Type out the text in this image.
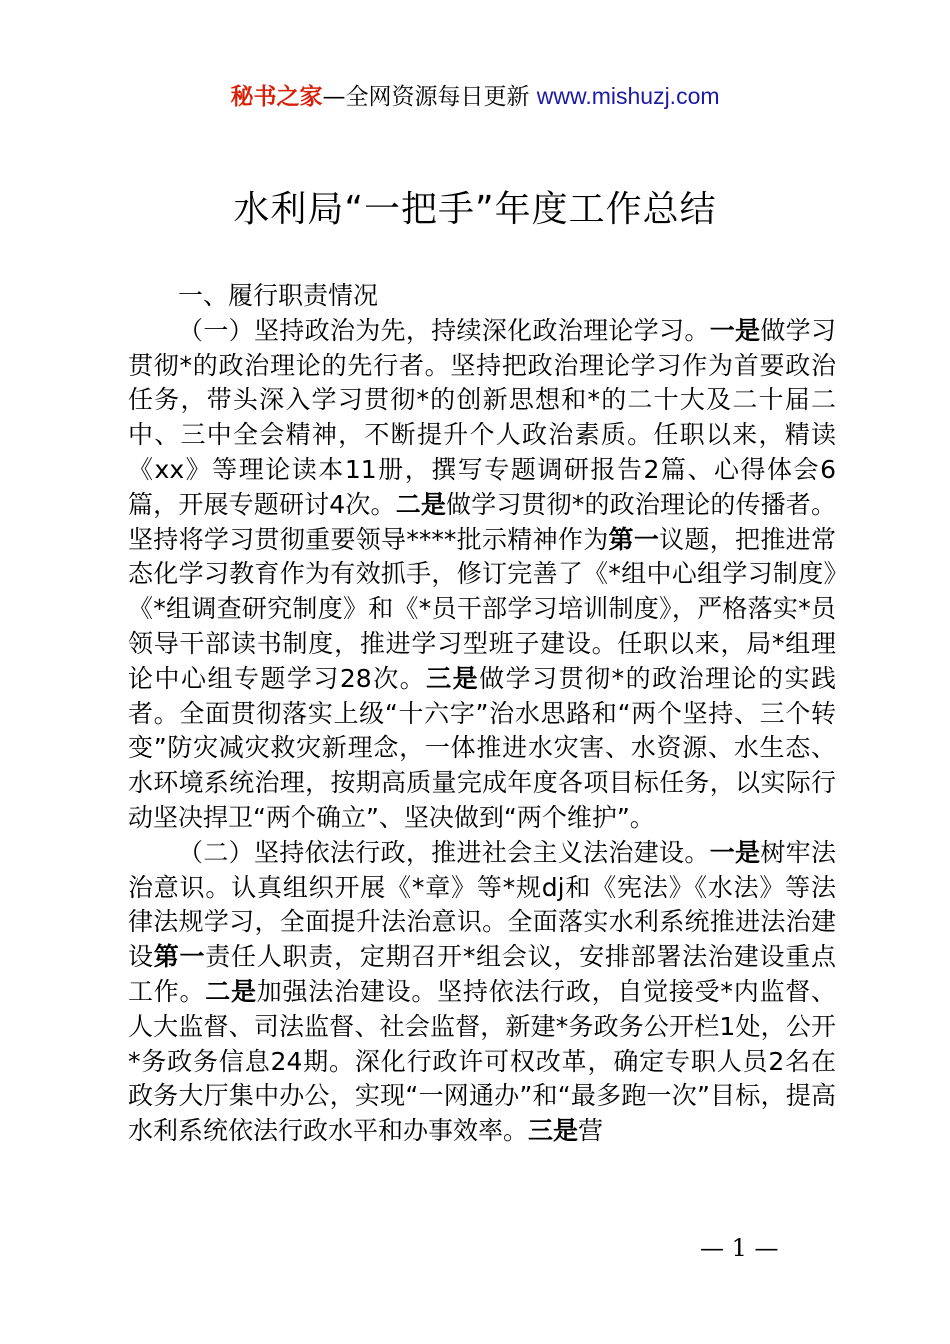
秘书之家—全网资源每日更新 www.mishuzj.com
水利局“一把手”年度工作总结

一、履行职责情况

（一）坚持政治为先，持续深化政治理论学习。一是做学习贯彻*的政治理论的先行者。坚持把政治理论学习作为首要政治任务，带头深入学习贯彻*的创新思想和*的二十大及二十届二中、三中全会精神，不断提升个人政治素质。任职以来，精读《xx》等理论读本11册，撰写专题调研报告2篇、心得体会6篇，开展专题研讨4次。二是做学习贯彻*的政治理论的传播者。坚持将学习贯彻重要领导****批示精神作为第一议题，把推进常态化学习教育作为有效抓手，修订完善了《*组中心组学习制度》《*组调查研究制度》和《*员干部学习培训制度》，严格落实*员领导干部读书制度，推进学习型班子建设。任职以来，局*组理论中心组专题学习28次。三是做学习贯彻*的政治理论的实践者。全面贯彻落实上级“十六字”治水思路和“两个坚持、三个转变”防灾减灾救灾新理念，一体推进水灾害、水资源、水生态、水环境系统治理，按期高质量完成年度各项目标任务，以实际行动坚决捍卫“两个确立”、坚决做到“两个维护”。

（二）坚持依法行政，推进社会主义法治建设。一是树牢法治意识。认真组织开展《*章》等*规dj和《宪法》《水法》等法律法规学习，全面提升法治意识。全面落实水利系统推进法治建设第一责任人职责，定期召开*组会议，安排部署法治建设重点工作。二是加强法治建设。坚持依法行政，自觉接受*内监督、人大监督、司法监督、社会监督，新建*务政务公开栏1处，公开*务政务信息24期。深化行政许可权改革，确定专职人员2名在政务大厅集中办公，实现“一网通办”和“最多跑一次”目标，提高水利系统依法行政水平和办事效率。三是营

— 1 —
